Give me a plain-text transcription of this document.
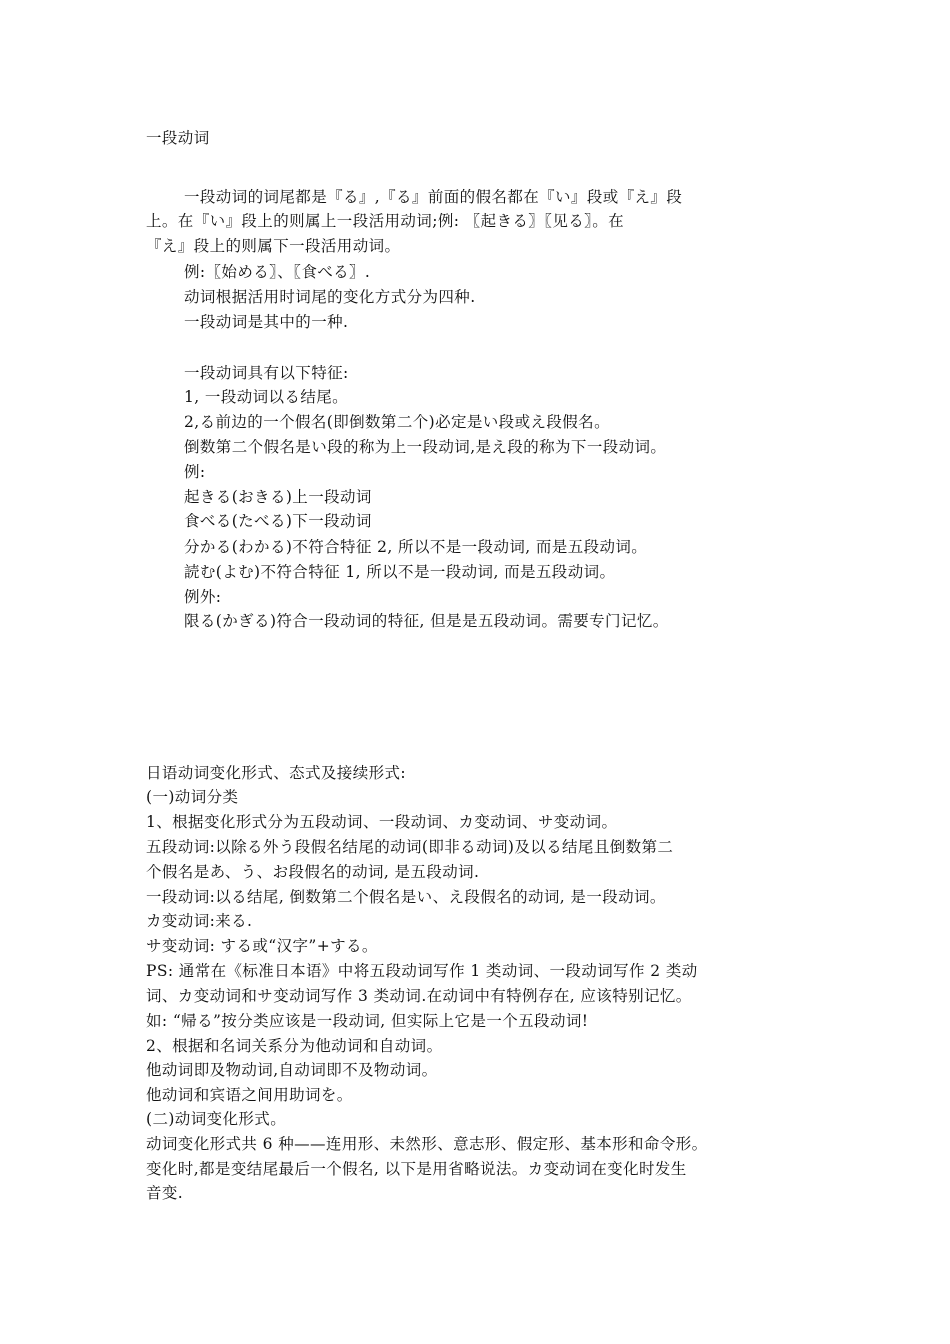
一段动词
一段动词的词尾都是『る』,『る』前面的假名都在『い』段或『え』段
上。在『い』段上的则属上一段活用动词;例: 〖起きる〗〖见る〗。在
『え』段上的则属下一段活用动词。
例:〖始める〗、〖食べる〗.
动词根据活用时词尾的变化方式分为四种.
一段动词是其中的一种.
一段动词具有以下特征:
1, 一段动词以る结尾。
2,る前边的一个假名(即倒数第二个)必定是い段或え段假名。
倒数第二个假名是い段的称为上一段动词,是え段的称为下一段动词。
例:
起きる(おきる)上一段动词
食べる(たべる)下一段动词
分かる(わかる)不符合特征 2, 所以不是一段动词, 而是五段动词。
読む(よむ)不符合特征 1, 所以不是一段动词, 而是五段动词。
例外:
限る(かぎる)符合一段动词的特征, 但是是五段动词。需要专门记忆。
日语动词变化形式、态式及接续形式:
(一)动词分类
1、根据变化形式分为五段动词、一段动词、カ变动词、サ变动词。
五段动词:以除る外う段假名结尾的动词(即非る动词)及以る结尾且倒数第二
个假名是あ、う、お段假名的动词, 是五段动词.
一段动词:以る结尾, 倒数第二个假名是い、え段假名的动词, 是一段动词。
カ变动词:来る.
サ变动词: する或“汉字”+する。
PS: 通常在《标准日本语》中将五段动词写作 1 类动词、一段动词写作 2 类动
词、カ变动词和サ变动词写作 3 类动词.在动词中有特例存在, 应该特别记忆。
如: “帰る”按分类应该是一段动词, 但实际上它是一个五段动词!
2、根据和名词关系分为他动词和自动词。
他动词即及物动词,自动词即不及物动词。
他动词和宾语之间用助词を。
(二)动词变化形式。
动词变化形式共 6 种——连用形、未然形、意志形、假定形、基本形和命令形。
变化时,都是变结尾最后一个假名, 以下是用省略说法。カ变动词在变化时发生
音变.
